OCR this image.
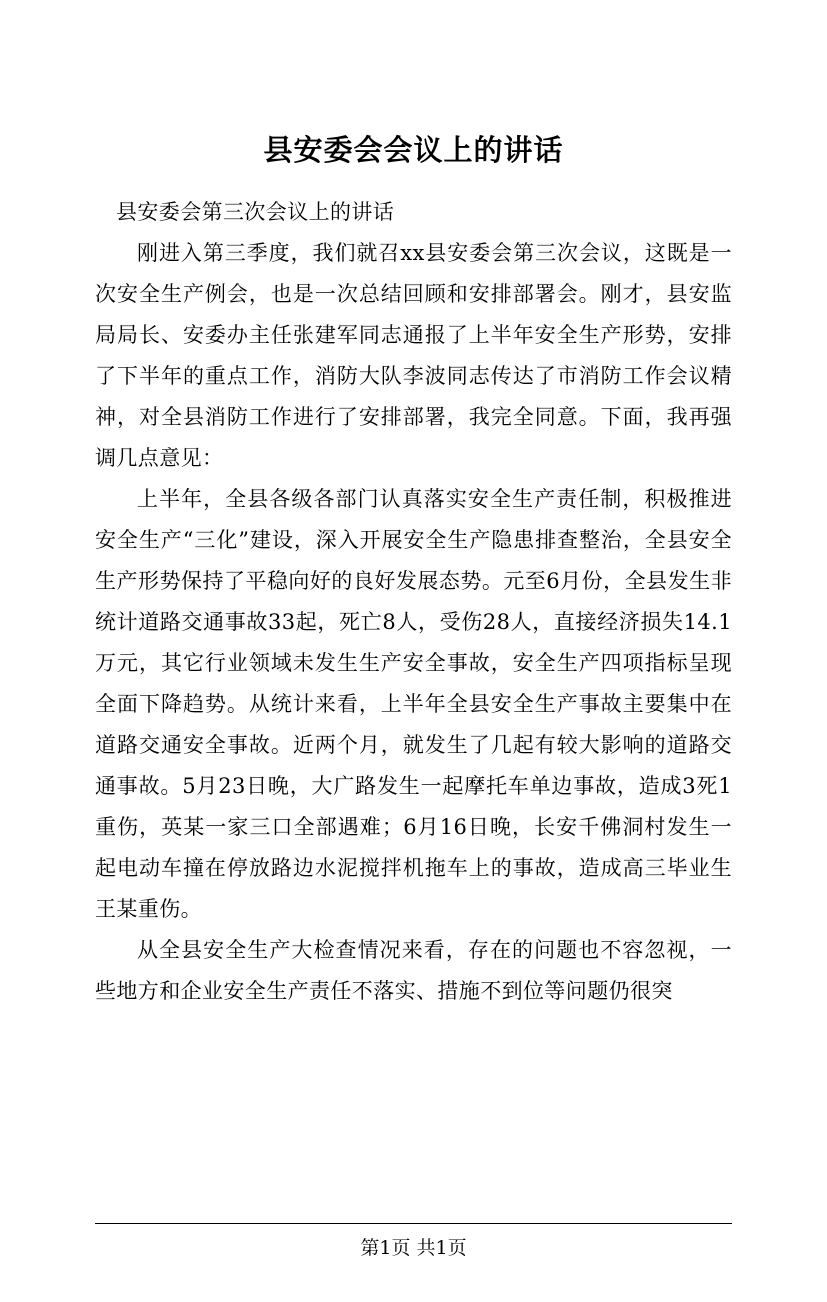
县安委会会议上的讲话

县安委会第三次会议上的讲话

刚进入第三季度，我们就召xx县安委会第三次会议，这既是一次安全生产例会，也是一次总结回顾和安排部署会。刚才，县安监局局长、安委办主任张建军同志通报了上半年安全生产形势，安排了下半年的重点工作，消防大队李波同志传达了市消防工作会议精神，对全县消防工作进行了安排部署，我完全同意。下面，我再强调几点意见：

上半年，全县各级各部门认真落实安全生产责任制，积极推进安全生产“三化”建设，深入开展安全生产隐患排查整治，全县安全生产形势保持了平稳向好的良好发展态势。元至6月份，全县发生非统计道路交通事故33起，死亡8人，受伤28人，直接经济损失14.1万元，其它行业领域未发生生产安全事故，安全生产四项指标呈现全面下降趋势。从统计来看，上半年全县安全生产事故主要集中在道路交通安全事故。近两个月，就发生了几起有较大影响的道路交通事故。5月23日晚，大广路发生一起摩托车单边事故，造成3死1重伤，英某一家三口全部遇难；6月16日晚，长安千佛洞村发生一起电动车撞在停放路边水泥搅拌机拖车上的事故，造成高三毕业生王某重伤。

从全县安全生产大检查情况来看，存在的问题也不容忽视，一些地方和企业安全生产责任不落实、措施不到位等问题仍很突

第1页 共1页
